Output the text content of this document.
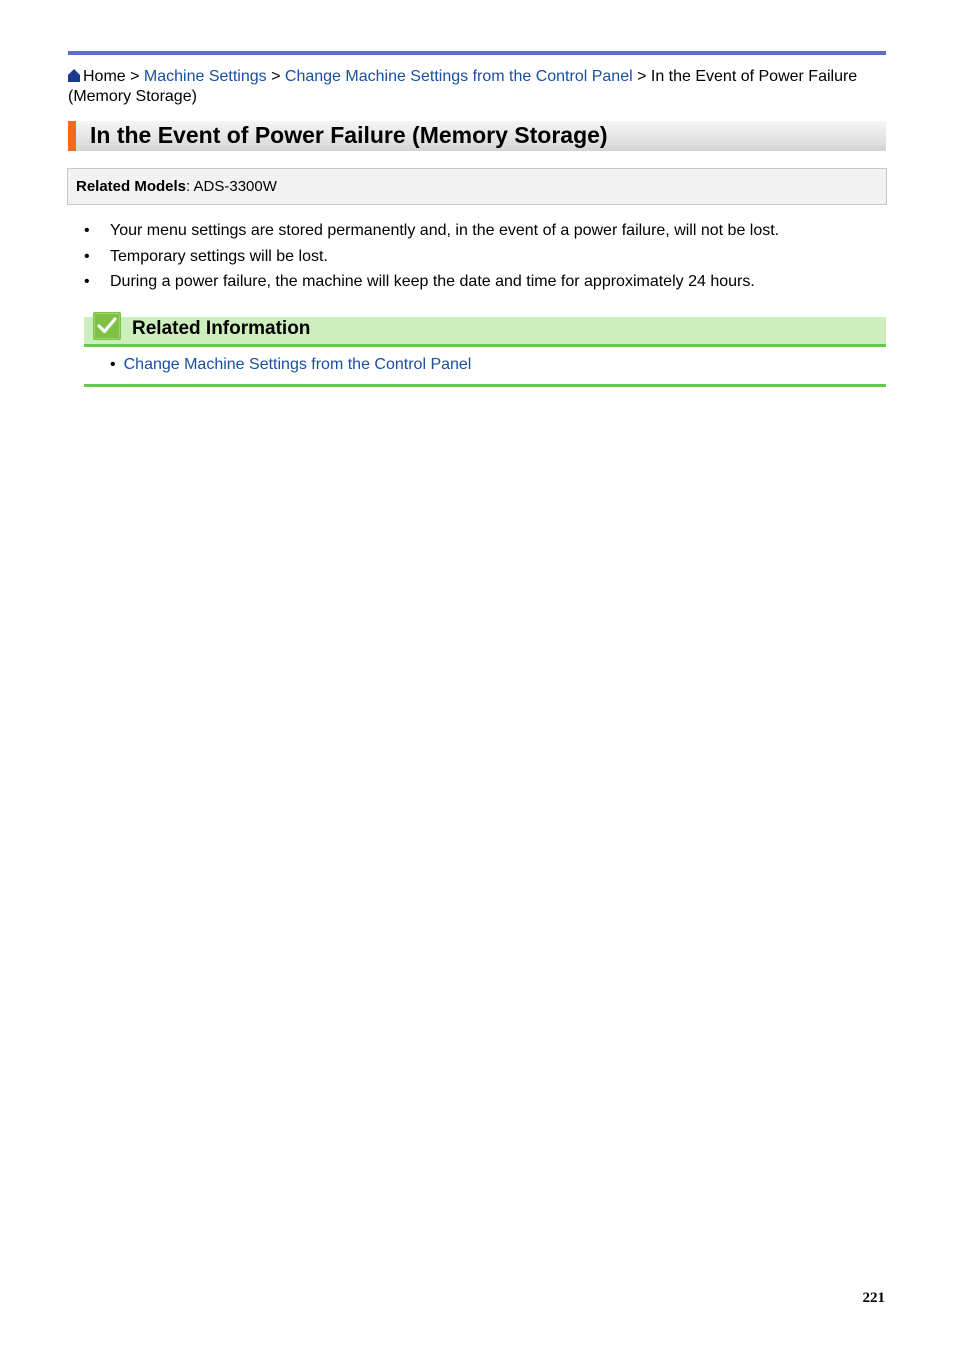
Home > Machine Settings > Change Machine Settings from the Control Panel > In the Event of Power Failure (Memory Storage)
In the Event of Power Failure (Memory Storage)
Related Models: ADS-3300W
• Your menu settings are stored permanently and, in the event of a power failure, will not be lost.
• Temporary settings will be lost.
• During a power failure, the machine will keep the date and time for approximately 24 hours.
Related Information
• Change Machine Settings from the Control Panel
221
